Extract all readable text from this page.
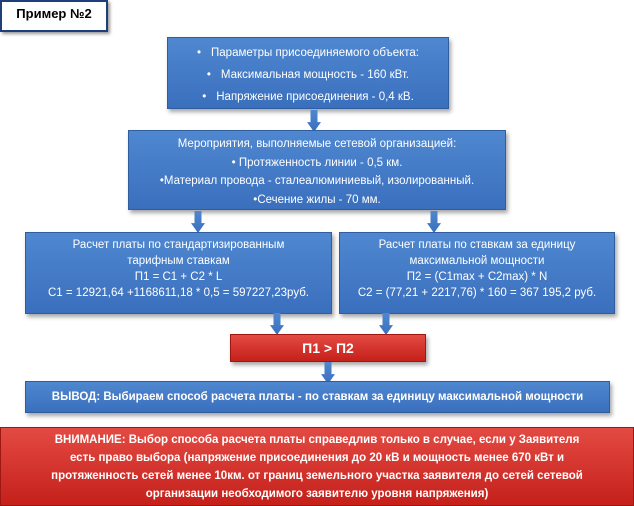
Пример №2
• Параметры присоединяемого объекта:
• Максимальная мощность - 160 кВт.
• Напряжение присоединения - 0,4 кВ.
Мероприятия, выполняемые сетевой организацией:
• Протяженность линии - 0,5 км.
•Материал провода - сталеалюминиевый, изолированный.
•Сечение жилы - 70 мм.
Расчет платы по стандартизированным
тарифным ставкам
П1 = С1 + С2 * L
С1 = 12921,64 +1168611,18 * 0,5 = 597227,23руб.
Расчет платы по ставкам за единицу
максимальной мощности
П2 = (С1max + С2max) * N
С2 = (77,21 + 2217,76) * 160 = 367 195,2 руб.
П1 > П2
ВЫВОД: Выбираем способ расчета платы - по ставкам за единицу максимальной мощности
ВНИМАНИЕ: Выбор способа расчета платы справедлив только в случае, если у Заявителя
есть право выбора (напряжение присоединения до 20 кВ и мощность менее 670 кВт и
протяженность сетей менее 10км. от границ земельного участка заявителя до сетей сетевой
организации необходимого заявителю уровня напряжения)
